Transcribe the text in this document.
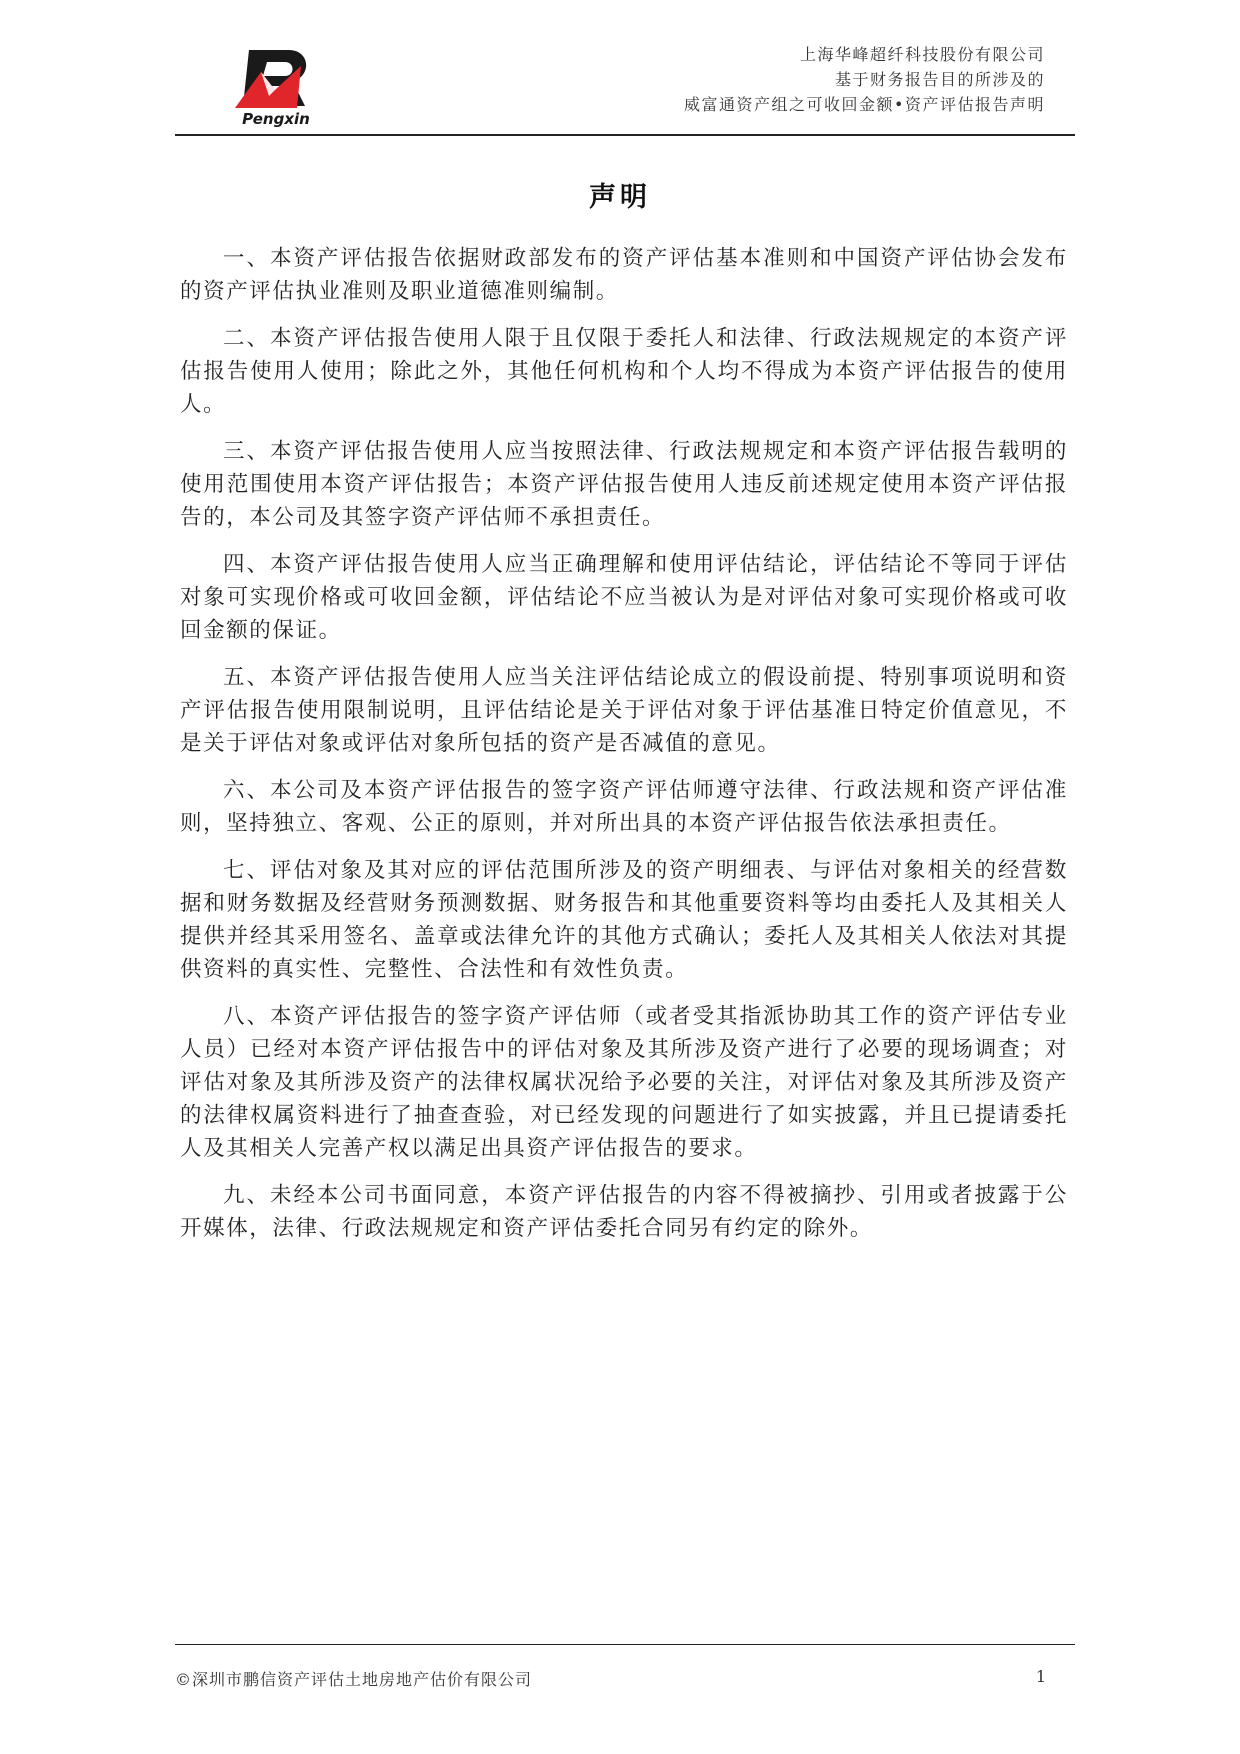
Pengxin
上海华峰超纤科技股份有限公司
基于财务报告目的所涉及的
威富通资产组之可收回金额•资产评估报告声明
声明

一、本资产评估报告依据财政部发布的资产评估基本准则和中国资产评估协会发布的资产评估执业准则及职业道德准则编制。

二、本资产评估报告使用人限于且仅限于委托人和法律、行政法规规定的本资产评估报告使用人使用；除此之外，其他任何机构和个人均不得成为本资产评估报告的使用人。

三、本资产评估报告使用人应当按照法律、行政法规规定和本资产评估报告载明的使用范围使用本资产评估报告；本资产评估报告使用人违反前述规定使用本资产评估报告的，本公司及其签字资产评估师不承担责任。

四、本资产评估报告使用人应当正确理解和使用评估结论，评估结论不等同于评估对象可实现价格或可收回金额，评估结论不应当被认为是对评估对象可实现价格或可收回金额的保证。

五、本资产评估报告使用人应当关注评估结论成立的假设前提、特别事项说明和资产评估报告使用限制说明，且评估结论是关于评估对象于评估基准日特定价值意见，不是关于评估对象或评估对象所包括的资产是否减值的意见。

六、本公司及本资产评估报告的签字资产评估师遵守法律、行政法规和资产评估准则，坚持独立、客观、公正的原则，并对所出具的本资产评估报告依法承担责任。

七、评估对象及其对应的评估范围所涉及的资产明细表、与评估对象相关的经营数据和财务数据及经营财务预测数据、财务报告和其他重要资料等均由委托人及其相关人提供并经其采用签名、盖章或法律允许的其他方式确认；委托人及其相关人依法对其提供资料的真实性、完整性、合法性和有效性负责。

八、本资产评估报告的签字资产评估师（或者受其指派协助其工作的资产评估专业人员）已经对本资产评估报告中的评估对象及其所涉及资产进行了必要的现场调查；对评估对象及其所涉及资产的法律权属状况给予必要的关注，对评估对象及其所涉及资产的法律权属资料进行了抽查查验，对已经发现的问题进行了如实披露，并且已提请委托人及其相关人完善产权以满足出具资产评估报告的要求。

九、未经本公司书面同意，本资产评估报告的内容不得被摘抄、引用或者披露于公开媒体，法律、行政法规规定和资产评估委托合同另有约定的除外。

©深圳市鹏信资产评估土地房地产估价有限公司	1
